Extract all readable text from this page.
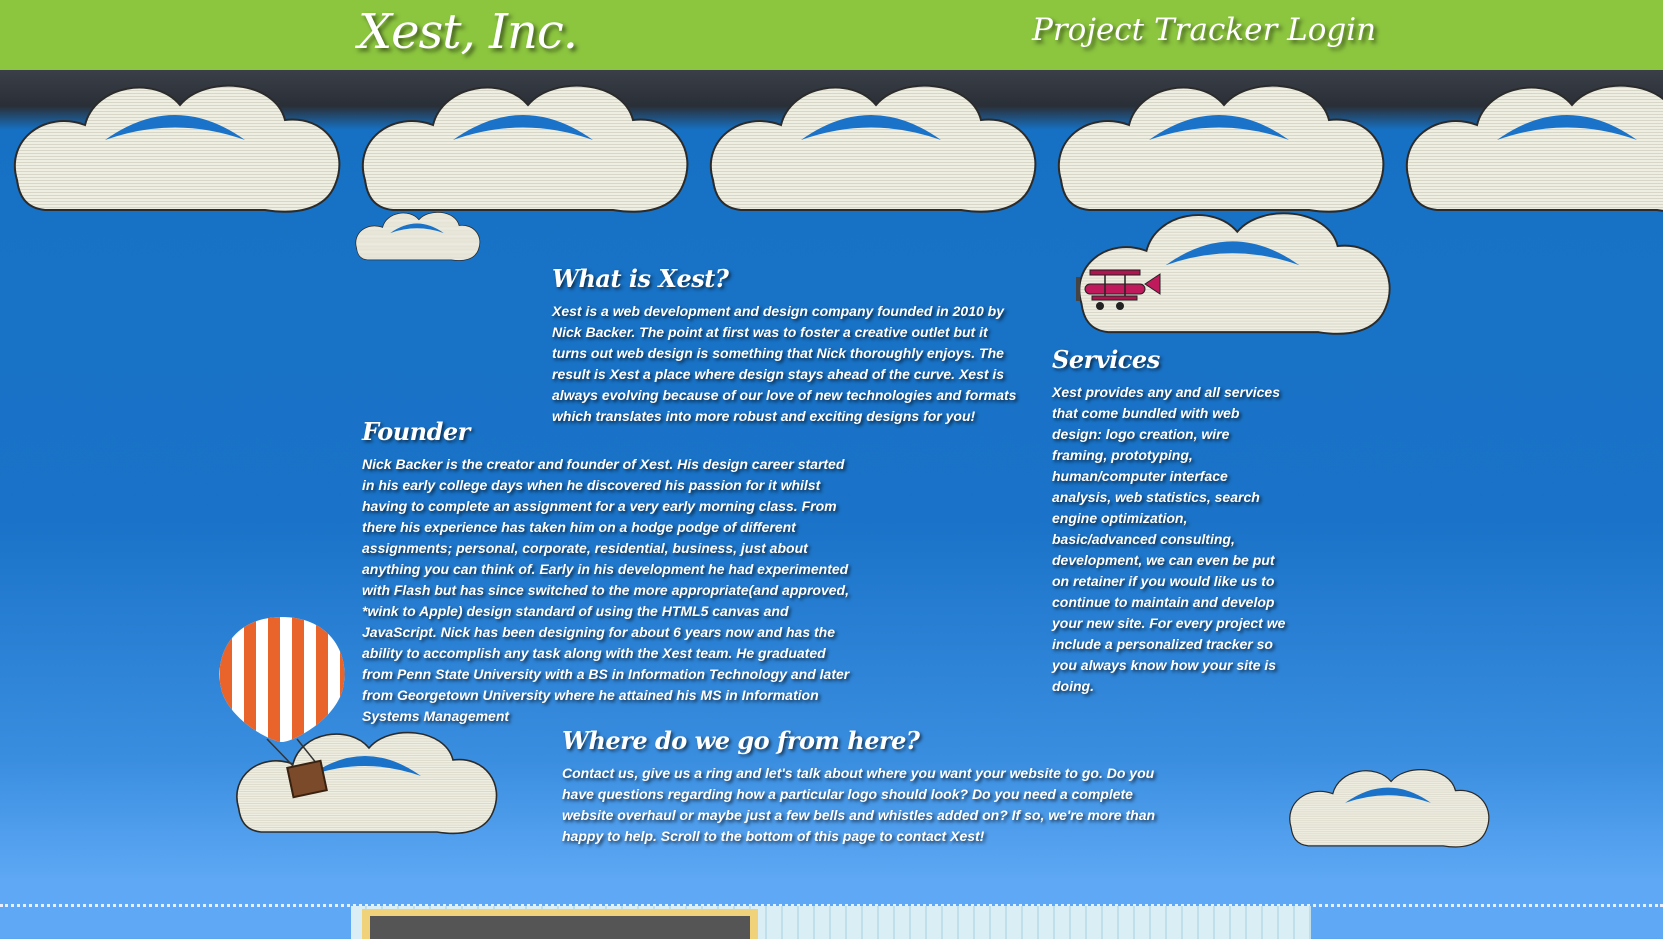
Xest, Inc.	Project Tracker Login
What is Xest?

Xest is a web development and design company founded in 2010 by Nick Backer. The point at first was to foster a creative outlet but it turns out web design is something that Nick thoroughly enjoys. The result is Xest a place where design stays ahead of the curve. Xest is always evolving because of our love of new technologies and formats which translates into more robust and exciting designs for you!

Founder

Nick Backer is the creator and founder of Xest. His design career started in his early college days when he discovered his passion for it whilst having to complete an assignment for a very early morning class. From there his experience has taken him on a hodge podge of different assignments; personal, corporate, residential, business, just about anything you can think of. Early in his development he had experimented with Flash but has since switched to the more appropriate(and approved, *wink to Apple) design standard of using the HTML5 canvas and JavaScript. Nick has been designing for about 6 years now and has the ability to accomplish any task along with the Xest team. He graduated from Penn State University with a BS in Information Technology and later from Georgetown University where he attained his MS in Information Systems Management

Services

Xest provides any and all services that come bundled with web design: logo creation, wire framing, prototyping, human/computer interface analysis, web statistics, search engine optimization, basic/advanced consulting, development, we can even be put on retainer if you would like us to continue to maintain and develop your new site. For every project we include a personalized tracker so you always know how your site is doing.

Where do we go from here?

Contact us, give us a ring and let's talk about where you want your website to go. Do you have questions regarding how a particular logo should look? Do you need a complete website overhaul or maybe just a few bells and whistles added on? If so, we're more than happy to help. Scroll to the bottom of this page to contact Xest!
